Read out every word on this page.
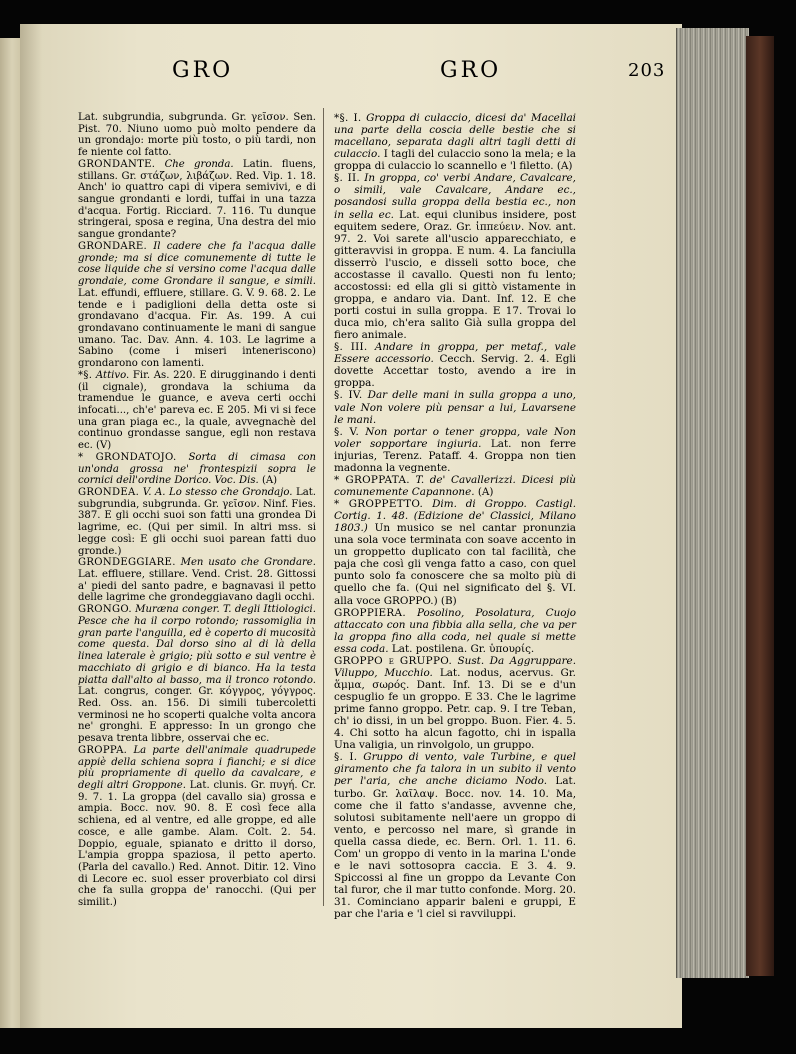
GRO	GRO	203

Lat. subgrundia, subgrunda. Gr. γεῖσον. Sen. Pist. 70. Niuno uomo può molto pendere da un grondajo: morte più tosto, o più tardi, non fe niente col fatto.

GRONDANTE. Che gronda. Latin. fluens, stillans. Gr. στάζων, λιβάζων. Red. Vip. 1. 18. Anch' io quattro capi di vipera semivivi, e di sangue grondanti e lordi, tuffai in una tazza d'acqua. Fortig. Ricciard. 7. 116. Tu dunque stringerai, sposa e regina, Una destra del mio sangue grondante?

GRONDARE. Il cadere che fa l'acqua dalle gronde; ma si dice comunemente di tutte le cose liquide che si versino come l'acqua dalle grondaie, come Grondare il sangue, e simili. Lat. effundi, effluere, stillare. G. V. 9. 68. 2. Le tende e i padiglioni della detta oste si grondavano d'acqua. Fir. As. 199. A cui grondavano continuamente le mani di sangue umano. Tac. Dav. Ann. 4. 103. Le lagrime a Sabino (come i miseri inteneriscono) grondarono con lamenti.

*§. Attivo. Fir. As. 220. E dirugginando i denti (il cignale), grondava la schiuma da tramendue le guance, e aveva certi occhi infocati..., ch'e' pareva ec. E 205. Mi vi si fece una gran piaga ec., la quale, avvegnachè del continuo grondasse sangue, egli non restava ec. (V)

* GRONDATOJO. Sorta di cimasa con un'onda grossa ne' frontespizii sopra le cornici dell'ordine Dorico. Voc. Dis. (A)

GRONDEA. V. A. Lo stesso che Grondajo. Lat. subgrundia, subgrunda. Gr. γεῖσον. Ninf. Fies. 387. E gli occhi suoi son fatti una grondea Di lagrime, ec. (Qui per simil. In altri mss. si legge così: E gli occhi suoi parean fatti duo gronde.)

GRONDEGGIARE. Men usato che Grondare. Lat. effluere, stillare. Vend. Crist. 28. Gittossi a' piedi del santo padre, e bagnavasi il petto delle lagrime che grondeggiavano dagli occhi.

GRONGO. Muræna conger. T. degli Ittiologici. Pesce che ha il corpo rotondo; rassomiglia in gran parte l'anguilla, ed è coperto di mucosità come questa. Dal dorso sino al di là della linea laterale è grigio; più sotto e sul ventre è macchiato di grigio e di bianco. Ha la testa piatta dall'alto al basso, ma il tronco rotondo. Lat. congrus, conger. Gr. κόγγρος, γόγγρος. Red. Oss. an. 156. Di simili tubercoletti verminosi ne ho scoperti qualche volta ancora ne' gronghi. E appresso: In un grongo che pesava trenta libbre, osservai che ec.

GROPPA. La parte dell'animale quadrupede appiè della schiena sopra i fianchi; e si dice più propriamente di quello da cavalcare, e degli altri Groppone. Lat. clunis. Gr. πυγή. Cr. 9. 7. 1. La groppa (del cavallo sia) grossa e ampia. Bocc. nov. 90. 8. E così fece alla schiena, ed al ventre, ed alle groppe, ed alle cosce, e alle gambe. Alam. Colt. 2. 54. Doppio, eguale, spianato e dritto il dorso, L'ampia groppa spaziosa, il petto aperto. (Parla del cavallo.) Red. Annot. Ditir. 12. Vino di Lecore ec. suol esser proverbiato col dirsi che fa sulla groppa de' ranocchi. (Qui per similit.)

*§. I. Groppa di culaccio, dicesi da' Macellai una parte della coscia delle bestie che si macellano, separata dagli altri tagli detti di culaccio. I tagli del culaccio sono la mela; e la groppa di culaccio lo scannello e 'l filetto. (A)

§. II. In groppa, co' verbi Andare, Cavalcare, o simili, vale Cavalcare, Andare ec., posandosi sulla groppa della bestia ec., non in sella ec. Lat. equi clunibus insidere, post equitem sedere, Oraz. Gr. ἱππεύειν. Nov. ant. 97. 2. Voi sarete all'uscio apparecchiato, e gitteravvisi in groppa. E num. 4. La fanciulla disserrò l'uscio, e disseli sotto boce, che accostasse il cavallo. Questi non fu lento; accostossi: ed ella gli si gittò vistamente in groppa, e andaro via. Dant. Inf. 12. E che porti costui in sulla groppa. E 17. Trovai lo duca mio, ch'era salito Già sulla groppa del fiero animale.

§. III. Andare in groppa, per metaf., vale Essere accessorio. Cecch. Servig. 2. 4. Egli dovette Accettar tosto, avendo a ire in groppa.

§. IV. Dar delle mani in sulla groppa a uno, vale Non volere più pensar a lui, Lavarsene le mani.

§. V. Non portar o tener groppa, vale Non voler sopportare ingiuria. Lat. non ferre injurias, Terenz. Pataff. 4. Groppa non tien madonna la vegnente.

* GROPPATA. T. de' Cavallerizzi. Dicesi più comunemente Capannone. (A)

* GROPPETTO. Dim. di Groppo. Castigl. Cortig. 1. 48. (Edizione de' Classici, Milano 1803.) Un musico se nel cantar pronunzia una sola voce terminata con soave accento in un groppetto duplicato con tal facilità, che paja che così gli venga fatto a caso, con quel punto solo fa conoscere che sa molto più di quello che fa. (Qui nel significato del §. VI. alla voce GROPPO.) (B)

GROPPIERA. Posolino, Posolatura, Cuojo attaccato con una fibbia alla sella, che va per la groppa fino alla coda, nel quale si mette essa coda. Lat. postilena. Gr. ὑπουρίς.

GROPPO e GRUPPO. Sust. Da Aggruppare. Viluppo, Mucchio. Lat. nodus, acervus. Gr. ἅμμα, σωρός. Dant. Inf. 13. Di se e d'un cespuglio fe un groppo. E 33. Che le lagrime prime fanno groppo. Petr. cap. 9. I tre Teban, ch' io dissi, in un bel groppo. Buon. Fier. 4. 5. 4. Chi sotto ha alcun fagotto, chi in ispalla Una valigia, un rinvolgolo, un gruppo.

§. I. Gruppo di vento, vale Turbine, e quel giramento che fa talora in un subito il vento per l'aria, che anche diciamo Nodo. Lat. turbo. Gr. λαῖλαψ. Bocc. nov. 14. 10. Ma, come che il fatto s'andasse, avvenne che, solutosi subitamente nell'aere un groppo di vento, e percosso nel mare, sì grande in quella cassa diede, ec. Bern. Orl. 1. 11. 6. Com' un groppo di vento in la marina L'onde e le navi sottosopra caccia. E 3. 4. 9. Spiccossi al fine un groppo da Levante Con tal furor, che il mar tutto confonde. Morg. 20. 31. Cominciano apparir baleni e gruppi, E par che l'aria e 'l ciel si ravviluppi.
